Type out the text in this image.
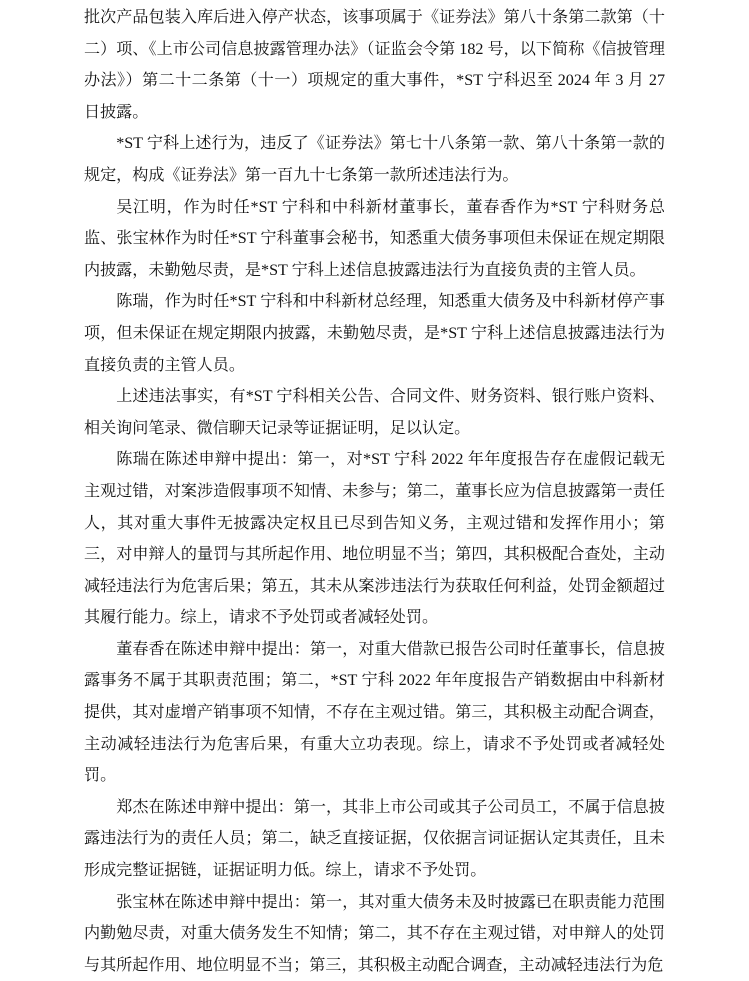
批次产品包装入库后进入停产状态，该事项属于《证券法》第八十条第二款第（十二）项、《上市公司信息披露管理办法》（证监会令第 182 号，以下简称《信披管理办法》）第二十二条第（十一）项规定的重大事件，*ST 宁科迟至 2024 年 3 月 27 日披露。

*ST 宁科上述行为，违反了《证券法》第七十八条第一款、第八十条第一款的规定，构成《证券法》第一百九十七条第一款所述违法行为。

吴江明，作为时任*ST 宁科和中科新材董事长，董春香作为*ST 宁科财务总监、张宝林作为时任*ST 宁科董事会秘书，知悉重大债务事项但未保证在规定期限内披露，未勤勉尽责，是*ST 宁科上述信息披露违法行为直接负责的主管人员。

陈瑞，作为时任*ST 宁科和中科新材总经理，知悉重大债务及中科新材停产事项，但未保证在规定期限内披露，未勤勉尽责，是*ST 宁科上述信息披露违法行为直接负责的主管人员。

上述违法事实，有*ST 宁科相关公告、合同文件、财务资料、银行账户资料、相关询问笔录、微信聊天记录等证据证明，足以认定。

陈瑞在陈述申辩中提出：第一，对*ST 宁科 2022 年年度报告存在虚假记载无主观过错，对案涉造假事项不知情、未参与；第二，董事长应为信息披露第一责任人，其对重大事件无披露决定权且已尽到告知义务，主观过错和发挥作用小；第三，对申辩人的量罚与其所起作用、地位明显不当；第四，其积极配合查处，主动减轻违法行为危害后果；第五，其未从案涉违法行为获取任何利益，处罚金额超过其履行能力。综上，请求不予处罚或者减轻处罚。

董春香在陈述申辩中提出：第一，对重大借款已报告公司时任董事长，信息披露事务不属于其职责范围；第二，*ST 宁科 2022 年年度报告产销数据由中科新材提供，其对虚增产销事项不知情，不存在主观过错。第三，其积极主动配合调查，主动减轻违法行为危害后果，有重大立功表现。综上，请求不予处罚或者减轻处罚。

郑杰在陈述申辩中提出：第一，其非上市公司或其子公司员工，不属于信息披露违法行为的责任人员；第二，缺乏直接证据，仅依据言词证据认定其责任，且未形成完整证据链，证据证明力低。综上，请求不予处罚。

张宝林在陈述申辩中提出：第一，其对重大债务未及时披露已在职责能力范围内勤勉尽责，对重大债务发生不知情；第二，其不存在主观过错，对申辩人的处罚与其所起作用、地位明显不当；第三，其积极主动配合调查，主动减轻违法行为危
